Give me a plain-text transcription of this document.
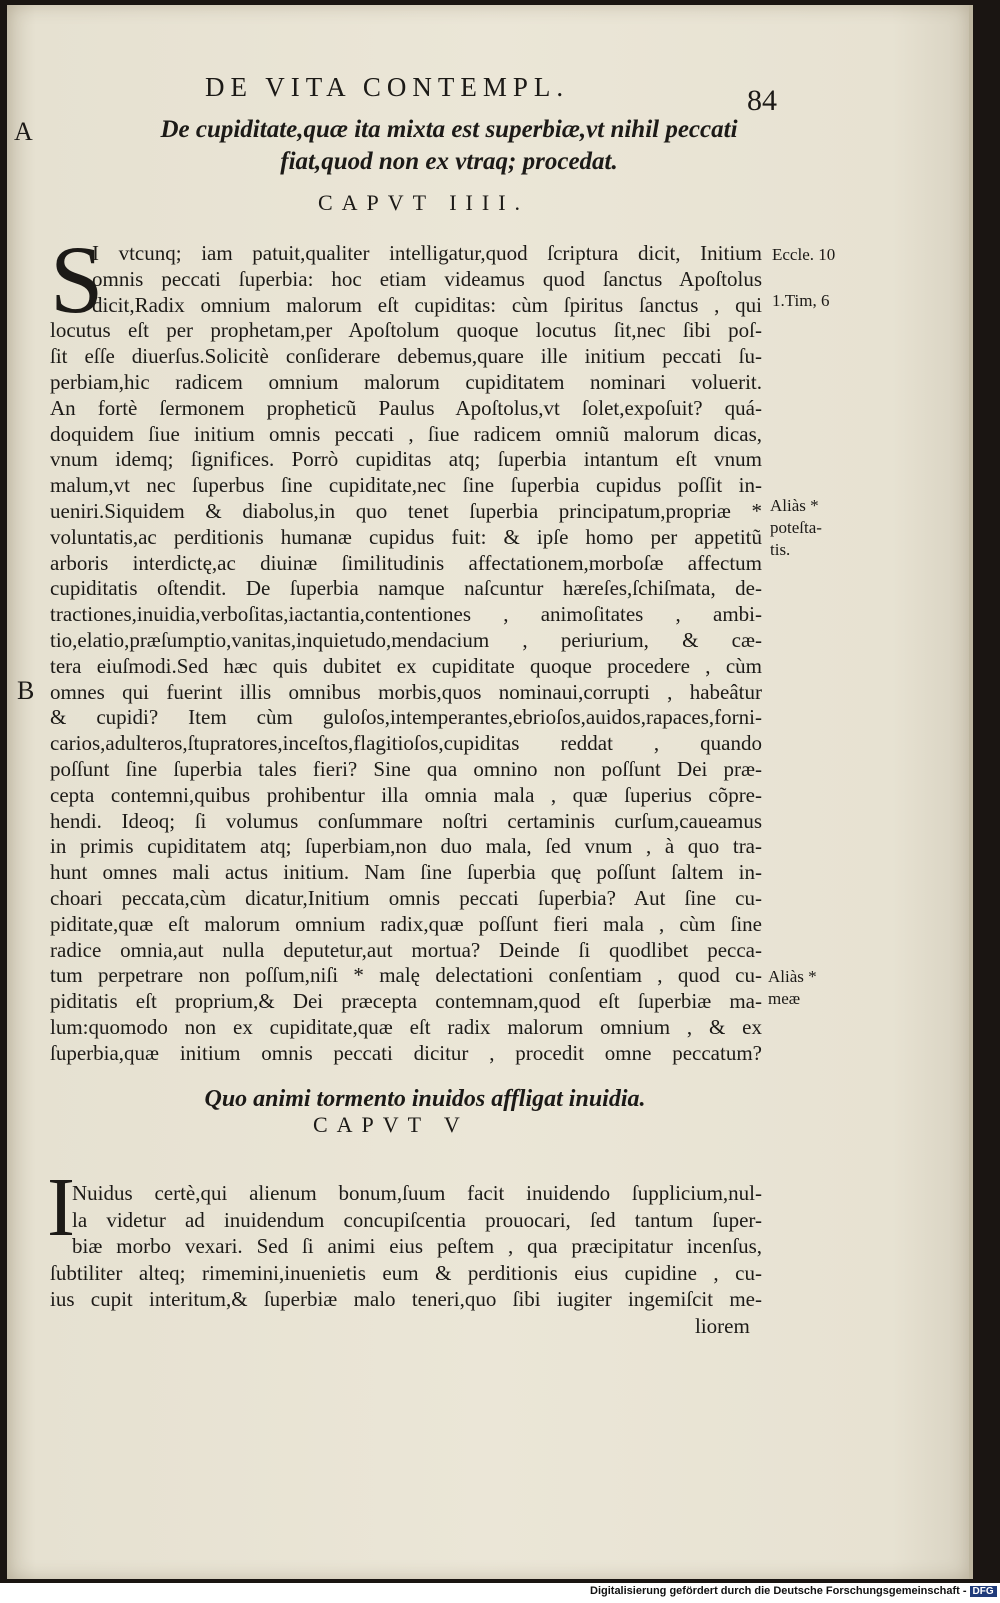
DE VITA CONTEMPL.	84
A
B
De cupiditate,quæ ita mixta est superbiæ,vt nihil peccati
fiat,quod non ex vtraq; procedat.
CAPVT IIII.
S
I vtcunq; iam patuit,qualiter intelligatur,quod ſcriptura dicit, Initium
omnis peccati ſuperbia: hoc etiam videamus quod ſanctus Apoſtolus
dicit,Radix omnium malorum eſt cupiditas: cùm ſpiritus ſanctus , qui
locutus eſt per prophetam,per Apoſtolum quoque locutus ſit,nec ſibi poſ-
ſit eſſe diuerſus.Solicitè conſiderare debemus,quare ille initium peccati ſu-
perbiam,hic radicem omnium malorum cupiditatem nominari voluerit.
An fortè ſermonem propheticũ Paulus Apoſtolus,vt ſolet,expoſuit? quá-
doquidem ſiue initium omnis peccati , ſiue radicem omniũ malorum dicas,
vnum idemq; ſignifices. Porrò cupiditas atq; ſuperbia intantum eſt vnum
malum,vt nec ſuperbus ſine cupiditate,nec ſine ſuperbia cupidus poſſit in-
ueniri.Siquidem & diabolus,in quo tenet ſuperbia principatum,propriæ *
voluntatis,ac perditionis humanæ cupidus fuit: & ipſe homo per appetitũ
arboris interdictę,ac diuinæ ſimilitudinis affectationem,morboſæ affectum
cupiditatis oſtendit. De ſuperbia namque naſcuntur hæreſes,ſchiſmata, de-
tractiones,inuidia,verboſitas,iactantia,contentiones , animoſitates , ambi-
tio,elatio,præſumptio,vanitas,inquietudo,mendacium , periurium, & cæ-
tera eiuſmodi.Sed hæc quis dubitet ex cupiditate quoque procedere , cùm
omnes qui fuerint illis omnibus morbis,quos nominaui,corrupti , habeâtur
& cupidi? Item cùm guloſos,intemperantes,ebrioſos,auidos,rapaces,forni-
carios,adulteros,ſtupratores,inceſtos,flagitioſos,cupiditas reddat , quando
poſſunt ſine ſuperbia tales fieri? Sine qua omnino non poſſunt Dei præ-
cepta contemni,quibus prohibentur illa omnia mala , quæ ſuperius cõpre-
hendi. Ideoq; ſi volumus conſummare noſtri certaminis curſum,caueamus
in primis cupiditatem atq; ſuperbiam,non duo mala, ſed vnum , à quo tra-
hunt omnes mali actus initium. Nam ſine ſuperbia quę poſſunt ſaltem in-
choari peccata,cùm dicatur,Initium omnis peccati ſuperbia? Aut ſine cu-
piditate,quæ eſt malorum omnium radix,quæ poſſunt fieri mala , cùm ſine
radice omnia,aut nulla deputetur,aut mortua? Deinde ſi quodlibet pecca-
tum perpetrare non poſſum,niſi * malę delectationi conſentiam , quod cu-
piditatis eſt proprium,& Dei præcepta contemnam,quod eſt ſuperbiæ ma-
lum:quomodo non ex cupiditate,quæ eſt radix malorum omnium , & ex
ſuperbia,quæ initium omnis peccati dicitur , procedit omne peccatum?
Eccle. 10
1.Tim, 6
Aliàs *
poteſta-
tis.
Aliàs *
meæ
Quo animi tormento inuidos affligat inuidia.
CAPVT V
I
Nuidus certè,qui alienum bonum,ſuum facit inuidendo ſupplicium,nul-
la videtur ad inuidendum concupiſcentia prouocari, ſed tantum ſuper-
biæ morbo vexari. Sed ſi animi eius peſtem , qua præcipitatur incenſus,
ſubtiliter alteq; rimemini,inuenietis eum & perditionis eius cupidine , cu-
ius cupit interitum,& ſuperbiæ malo teneri,quo ſibi iugiter ingemiſcit me-
liorem
Digitalisierung gefördert durch die Deutsche Forschungsgemeinschaft - DFG
